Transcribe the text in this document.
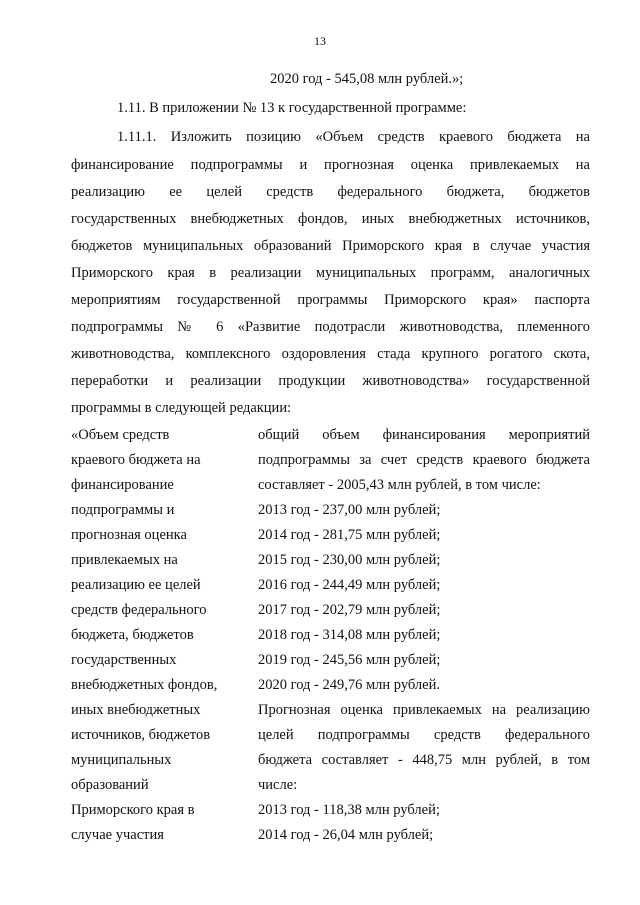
13
2020 год - 545,08 млн рублей.»;
1.11. В приложении № 13 к государственной программе:
1.11.1. Изложить позицию «Объем средств краевого бюджета на
финансирование подпрограммы и прогнозная оценка привлекаемых на
реализацию ее целей средств федерального бюджета, бюджетов
государственных внебюджетных фондов, иных внебюджетных источников,
бюджетов муниципальных образований Приморского края в случае участия
Приморского края в реализации муниципальных программ, аналогичных
мероприятиям государственной программы Приморского края» паспорта
подпрограммы № 6 «Развитие подотрасли животноводства, племенного
животноводства, комплексного оздоровления стада крупного рогатого скота,
переработки и реализации продукции животноводства» государственной
программы в следующей редакции:
«Объем средств
краевого бюджета на
финансирование
подпрограммы и
прогнозная оценка
привлекаемых на
реализацию ее целей
средств федерального
бюджета, бюджетов
государственных
внебюджетных фондов,
иных внебюджетных
источников, бюджетов
муниципальных
образований
Приморского края в
случае участия
общий объем финансирования мероприятий
подпрограммы за счет средств краевого бюджета
составляет - 2005,43 млн рублей, в том числе:
2013 год - 237,00 млн рублей;
2014 год - 281,75 млн рублей;
2015 год - 230,00 млн рублей;
2016 год - 244,49 млн рублей;
2017 год - 202,79 млн рублей;
2018 год - 314,08 млн рублей;
2019 год - 245,56 млн рублей;
2020 год - 249,76 млн рублей.
Прогнозная оценка привлекаемых на реализацию
целей подпрограммы средств федерального
бюджета составляет - 448,75 млн рублей, в том
числе:
2013 год - 118,38 млн рублей;
2014 год - 26,04 млн рублей;
